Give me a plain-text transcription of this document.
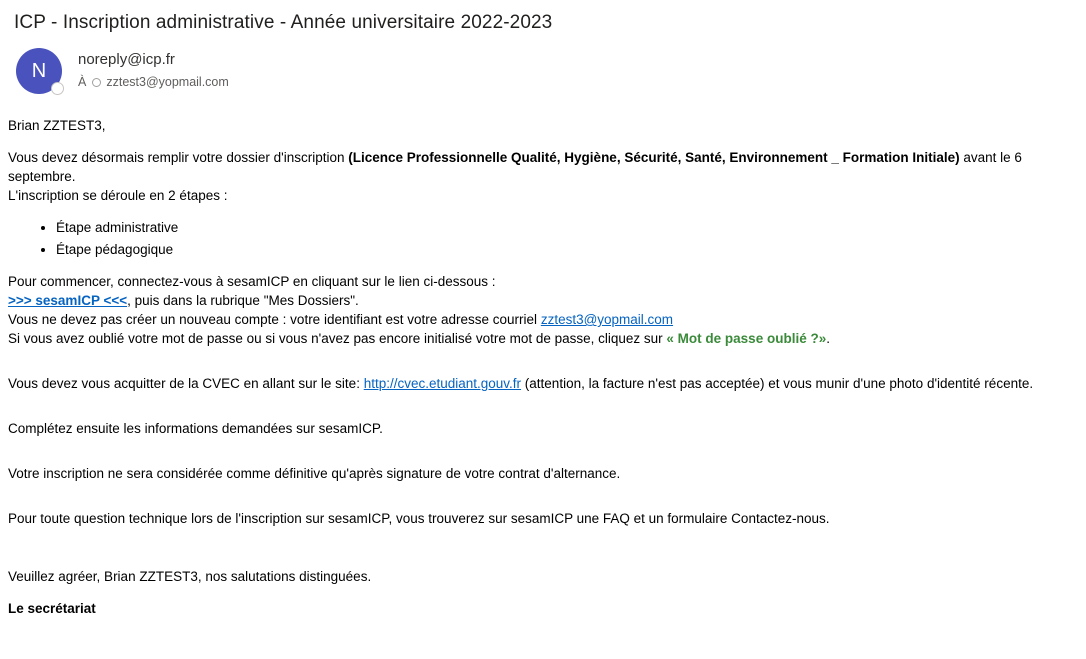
ICP - Inscription administrative - Année universitaire 2022-2023
N	noreply@icp.fr
À zztest3@yopmail.com

Brian ZZTEST3,

Vous devez désormais remplir votre dossier d'inscription (Licence Professionnelle Qualité, Hygiène, Sécurité, Santé, Environnement _ Formation Initiale) avant le 6 septembre.

L'inscription se déroule en 2 étapes :

• Étape administrative
• Étape pédagogique

Pour commencer, connectez-vous à sesamICP en cliquant sur le lien ci-dessous :

>>> sesamICP <<<, puis dans la rubrique "Mes Dossiers".

Vous ne devez pas créer un nouveau compte : votre identifiant est votre adresse courriel zztest3@yopmail.com

Si vous avez oublié votre mot de passe ou si vous n'avez pas encore initialisé votre mot de passe, cliquez sur « Mot de passe oublié ?».

Vous devez vous acquitter de la CVEC en allant sur le site: http://cvec.etudiant.gouv.fr (attention, la facture n'est pas acceptée) et vous munir d'une photo d'identité récente.

Complétez ensuite les informations demandées sur sesamICP.

Votre inscription ne sera considérée comme définitive qu'après signature de votre contrat d'alternance.

Pour toute question technique lors de l'inscription sur sesamICP, vous trouverez sur sesamICP une FAQ et un formulaire Contactez-nous.

Veuillez agréer, Brian ZZTEST3, nos salutations distinguées.

Le secrétariat
